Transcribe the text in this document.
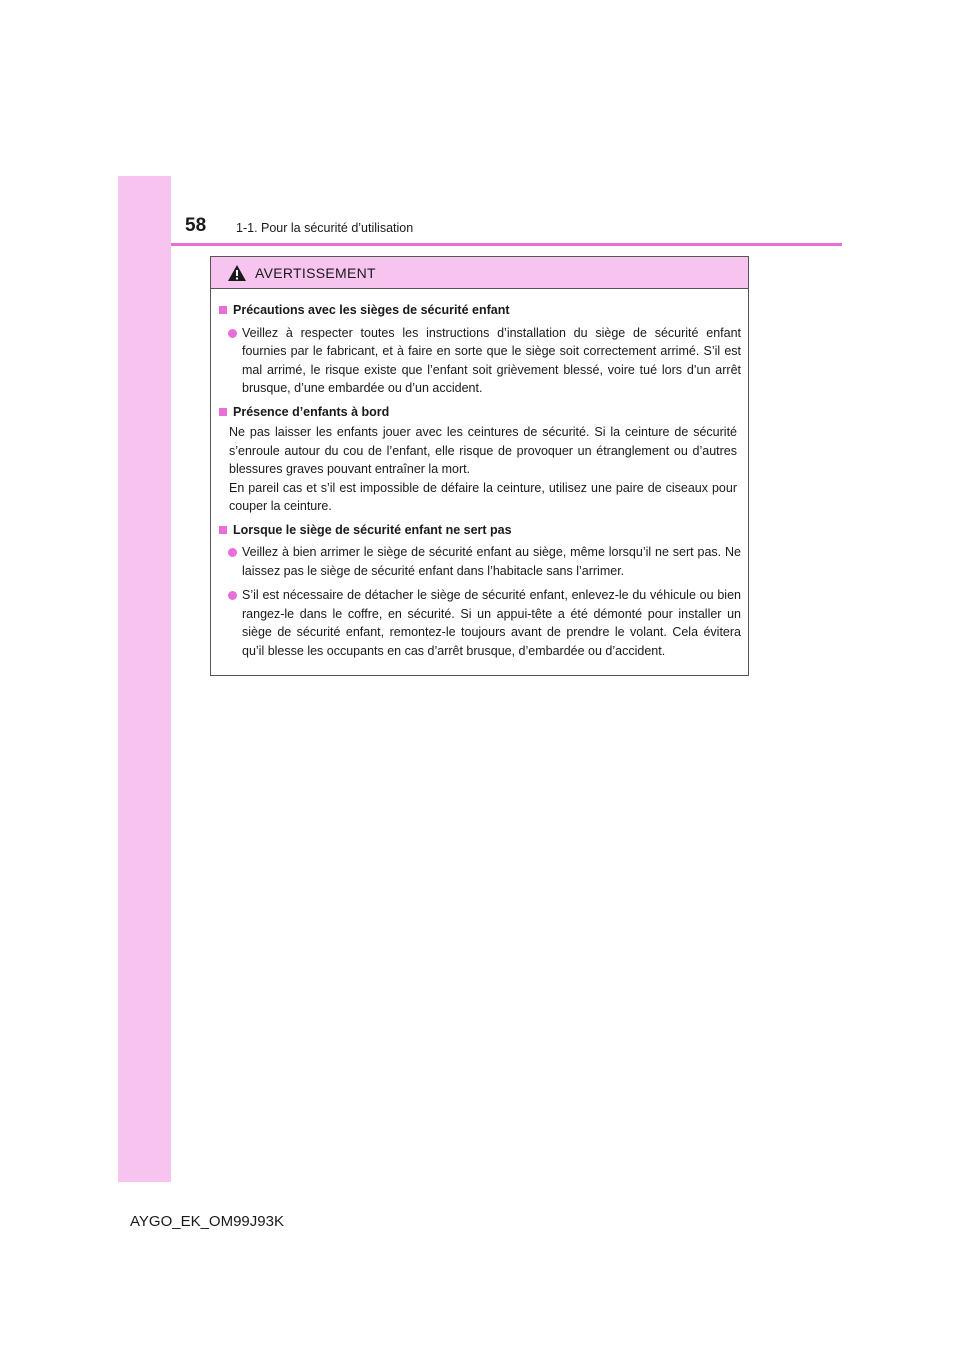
58 1-1. Pour la sécurité d’utilisation
AVERTISSEMENT
Précautions avec les sièges de sécurité enfant
Veillez à respecter toutes les instructions d’installation du siège de sécurité enfant fournies par le fabricant, et à faire en sorte que le siège soit correctement arrimé. S’il est mal arrimé, le risque existe que l’enfant soit grièvement blessé, voire tué lors d’un arrêt brusque, d’une embardée ou d’un accident.
Présence d’enfants à bord
Ne pas laisser les enfants jouer avec les ceintures de sécurité. Si la ceinture de sécurité s’enroule autour du cou de l’enfant, elle risque de provoquer un étranglement ou d’autres blessures graves pouvant entraîner la mort.
En pareil cas et s’il est impossible de défaire la ceinture, utilisez une paire de ciseaux pour couper la ceinture.
Lorsque le siège de sécurité enfant ne sert pas
Veillez à bien arrimer le siège de sécurité enfant au siège, même lorsqu’il ne sert pas. Ne laissez pas le siège de sécurité enfant dans l’habitacle sans l’arrimer.
S’il est nécessaire de détacher le siège de sécurité enfant, enlevez-le du véhicule ou bien rangez-le dans le coffre, en sécurité. Si un appui-tête a été démonté pour installer un siège de sécurité enfant, remontez-le toujours avant de prendre le volant. Cela évitera qu’il blesse les occupants en cas d’arrêt brusque, d’embardée ou d’accident.
AYGO_EK_OM99J93K
